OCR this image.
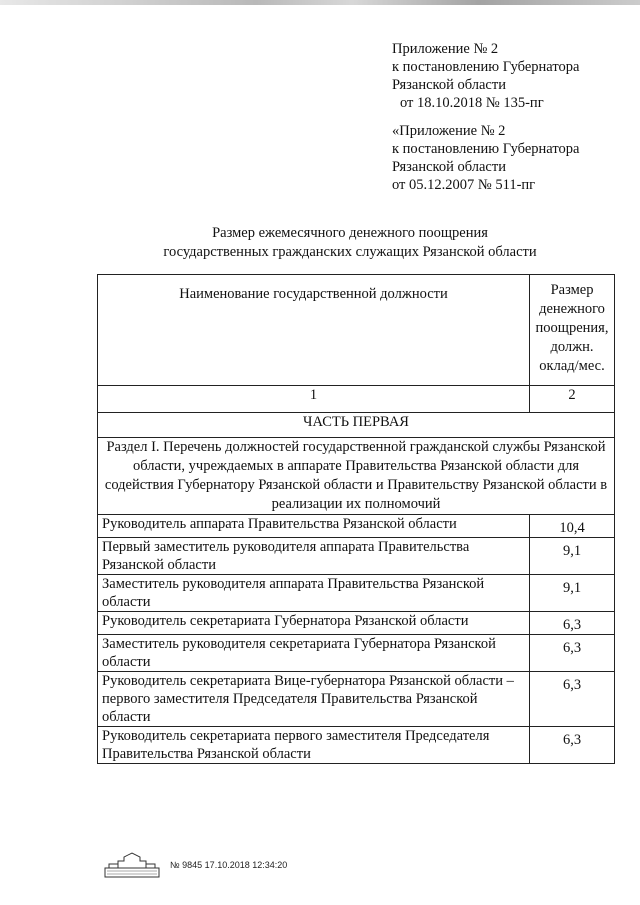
Приложение № 2
к постановлению Губернатора
Рязанской области
от 18.10.2018 № 135-пг
«Приложение № 2
к постановлению Губернатора
Рязанской области
от 05.12.2007 № 511-пг
Размер ежемесячного денежного поощрения
государственных гражданских служащих Рязанской области
Наименование государственной должности	Размер денежного поощрения, должн. оклад/мес.
1	2
ЧАСТЬ ПЕРВАЯ	
Раздел I. Перечень должностей государственной гражданской службы Рязанской области, учреждаемых в аппарате Правительства Рязанской области для содействия Губернатору Рязанской области и Правительству Рязанской области в реализации их полномочий	
Руководитель аппарата Правительства Рязанской области	10,4
Первый заместитель руководителя аппарата Правительства Рязанской области	9,1
Заместитель руководителя аппарата Правительства Рязанской области	9,1
Руководитель секретариата Губернатора Рязанской области	6,3
Заместитель руководителя секретариата Губернатора Рязанской области	6,3
Руководитель секретариата Вице-губернатора Рязанской области – первого заместителя Председателя Правительства Рязанской области	6,3
Руководитель секретариата первого заместителя Председателя Правительства Рязанской области	6,3
№ 9845 17.10.2018 12:34:20
